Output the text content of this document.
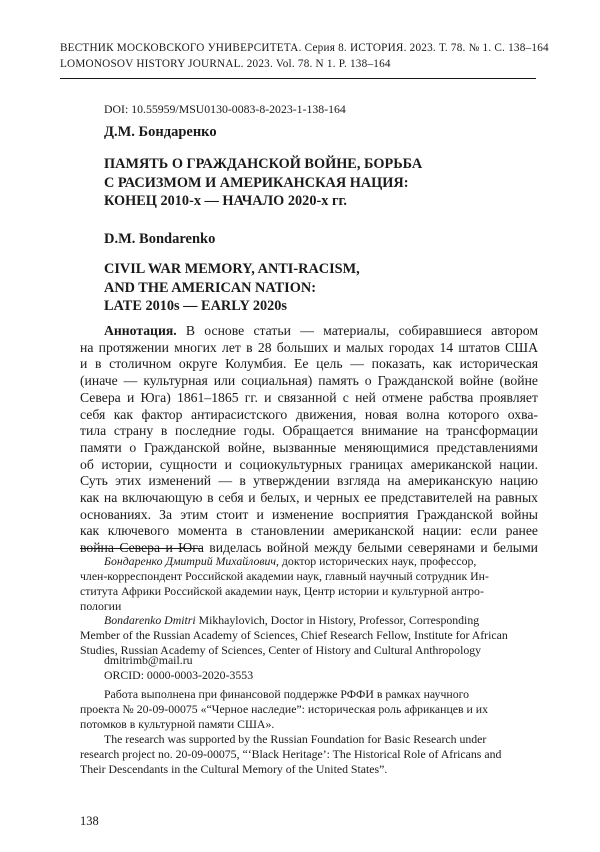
ВЕСТНИК МОСКОВСКОГО УНИВЕРСИТЕТА. Серия 8. ИСТОРИЯ. 2023. Т. 78. № 1. С. 138–164
LOMONOSOV HISTORY JOURNAL. 2023. Vol. 78. N 1. P. 138–164
DOI: 10.55959/MSU0130-0083-8-2023-1-138-164
Д.М. Бондаренко
ПАМЯТЬ О ГРАЖДАНСКОЙ ВОЙНЕ, БОРЬБА
С РАСИЗМОМ И АМЕРИКАНСКАЯ НАЦИЯ:
КОНЕЦ 2010-х — НАЧАЛО 2020-х гг.
D.M. Bondarenko
CIVIL WAR MEMORY, ANTI-RACISM,
AND THE AMERICAN NATION:
LATE 2010s — EARLY 2020s
Аннотация. В основе статьи — материалы, собиравшиеся автором
на протяжении многих лет в 28 больших и малых городах 14 штатов США
и в столичном округе Колумбия. Ее цель — показать, как историческая
(иначе — культурная или социальная) память о Гражданской войне (войне
Севера и Юга) 1861–1865 гг. и связанной с ней отмене рабства проявляет
себя как фактор антирасистского движения, новая волна которого охва-
тила страну в последние годы. Обращается внимание на трансформации
памяти о Гражданской войне, вызванные меняющимися представлениями
об истории, сущности и социокультурных границах американской нации.
Суть этих изменений — в утверждении взгляда на американскую нацию
как на включающую в себя и белых, и черных ее представителей на равных
основаниях. За этим стоит и изменение восприятия Гражданской войны
как ключевого момента в становлении американской нации: если ранее
война Севера и Юга виделась войной между белыми северянами и белыми
Бондаренко Дмитрий Михайлович, доктор исторических наук, профессор,
член-корреспондент Российской академии наук, главный научный сотрудник Ин-
ститута Африки Российской академии наук, Центр истории и культурной антро-
пологии
Bondarenko Dmitri Mikhaylovich, Doctor in History, Professor, Corresponding
Member of the Russian Academy of Sciences, Chief Research Fellow, Institute for African
Studies, Russian Academy of Sciences, Center of History and Cultural Anthropology
dmitrimb@mail.ru
ORCID: 0000-0003-2020-3553
Работа выполнена при финансовой поддержке РФФИ в рамках научного
проекта № 20-09-00075 «“Черное наследие”: историческая роль африканцев и их
потомков в культурной памяти США».
The research was supported by the Russian Foundation for Basic Research under
research project no. 20-09-00075, “‘Black Heritage’: The Historical Role of Africans and
Their Descendants in the Cultural Memory of the United States”.
138
